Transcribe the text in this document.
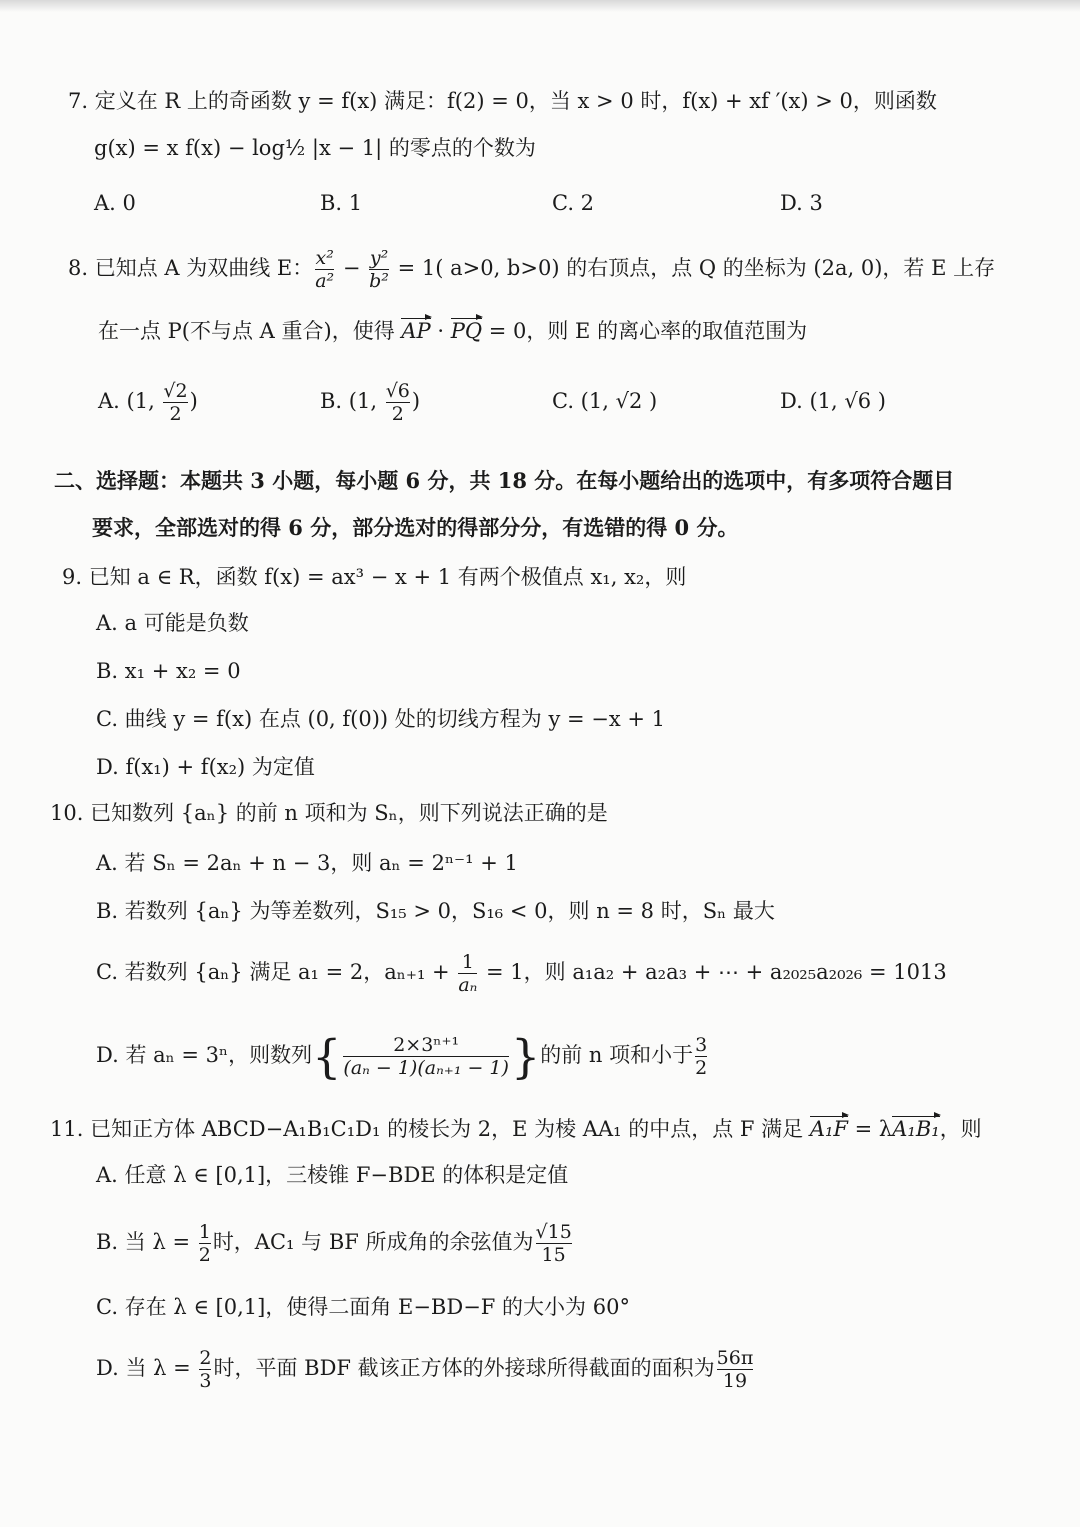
7. 定义在 R 上的奇函数 y = f(x) 满足：f(2) = 0，当 x > 0 时，f(x) + xf ′(x) > 0，则函数
g(x) = x f(x) − log½ |x − 1| 的零点的个数为
A. 0	B. 1	C. 2	D. 3
8. 已知点 A 为双曲线 E： $\frac{\text{x²}}{\text{a²}} - \frac{\text{y²}}{\text{b²}} = 1$( a>0, b>0) 的右顶点，点 Q 的坐标为 (2a, 0)，若 E 上存
在一点 P(不与点 A 重合)，使得 AP · PQ = 0，则 E 的离心率的取值范围为
A. (1, $\frac{√2}{2}$ )	B. (1, $\frac{√6}{2}$ )	C. (1, √2 )	D. (1, √6 )
二、选择题：本题共 3 小题，每小题 6 分，共 18 分。在每小题给出的选项中，有多项符合题目
要求，全部选对的得 6 分，部分选对的得部分分，有选错的得 0 分。
9. 已知 a ∈ R，函数 f(x) = ax³ − x + 1 有两个极值点 x₁, x₂，则
A. a 可能是负数
B. x₁ + x₂ = 0
C. 曲线 y = f(x) 在点 (0, f(0)) 处的切线方程为 y = −x + 1
D. f(x₁) + f(x₂) 为定值
10. 已知数列 {aₙ} 的前 n 项和为 Sₙ，则下列说法正确的是
A. 若 Sₙ = 2aₙ + n − 3，则 aₙ = 2ⁿ⁻¹ + 1
B. 若数列 {aₙ} 为等差数列，S₁₅ > 0，S₁₆ < 0，则 n = 8 时，Sₙ 最大
C. 若数列 {aₙ} 满足 a₁ = 2，$a_{n+1} + \frac{1}{\text{aₙ}} = 1$，则 a₁a₂ + a₂a₃ + ⋯ + a₂₀₂₅a₂₀₂₆ = 1013
D. 若 aₙ = 3ⁿ，则数列{ $\frac{\text{2×3ⁿ⁺¹}}{\text{(aₙ − 1)(aₙ₊₁ − 1)}}$ }的前 n 项和小于 $\frac{3}{2}$
11. 已知正方体 ABCD−A₁B₁C₁D₁ 的棱长为 2，E 为棱 AA₁ 的中点，点 F 满足 A₁F = λA₁B₁，则
A. 任意 λ ∈ [0,1]，三棱锥 F−BDE 的体积是定值
B. 当 $\lambda = \frac{1}{2}$ 时，AC₁ 与 BF 所成角的余弦值为 $\frac{√15}{15}$
C. 存在 λ ∈ [0,1]，使得二面角 E−BD−F 的大小为 60°
D. 当 $\lambda = \frac{2}{3}$ 时，平面 BDF 截该正方体的外接球所得截面的面积为 $\frac{56\pi}{19}$
